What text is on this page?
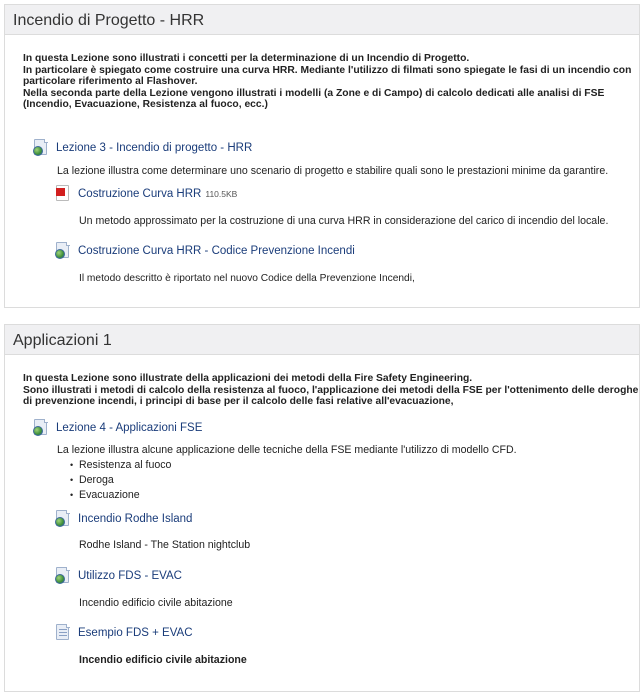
Incendio di Progetto - HRR
In questa Lezione sono illustrati i concetti per la determinazione di un Incendio di Progetto.
In particolare è spiegato come costruire una curva HRR. Mediante l'utilizzo di filmati sono spiegate le fasi di un incendio con
particolare riferimento al Flashover.
Nella seconda parte della Lezione vengono illustrati i modelli (a Zone e di Campo) di calcolo dedicati alle analisi di FSE
(Incendio, Evacuazione, Resistenza al fuoco, ecc.)
Lezione 3 - Incendio di progetto - HRR
La lezione illustra come determinare uno scenario di progetto e stabilire quali sono le prestazioni minime da garantire.
Costruzione Curva HRR 110.5KB
Un metodo approssimato per la costruzione di una curva HRR in considerazione del carico di incendio del locale.
Costruzione Curva HRR - Codice Prevenzione Incendi
Il metodo descritto è riportato nel nuovo Codice della Prevenzione Incendi,
Applicazioni 1
In questa Lezione sono illustrate della applicazioni dei metodi della Fire Safety Engineering.
Sono illustrati i metodi di calcolo della resistenza al fuoco, l'applicazione dei metodi della FSE per l'ottenimento delle deroghe
di prevenzione incendi, i principi di base per il calcolo delle fasi relative all'evacuazione,
Lezione 4 - Applicazioni FSE
La lezione illustra alcune applicazione delle tecniche della FSE mediante l'utilizzo di modello CFD.
• Resistenza al fuoco
• Deroga
• Evacuazione
Incendio Rodhe Island
Rodhe Island - The Station nightclub
Utilizzo FDS - EVAC
Incendio edificio civile abitazione
Esempio FDS + EVAC
Incendio edificio civile abitazione
